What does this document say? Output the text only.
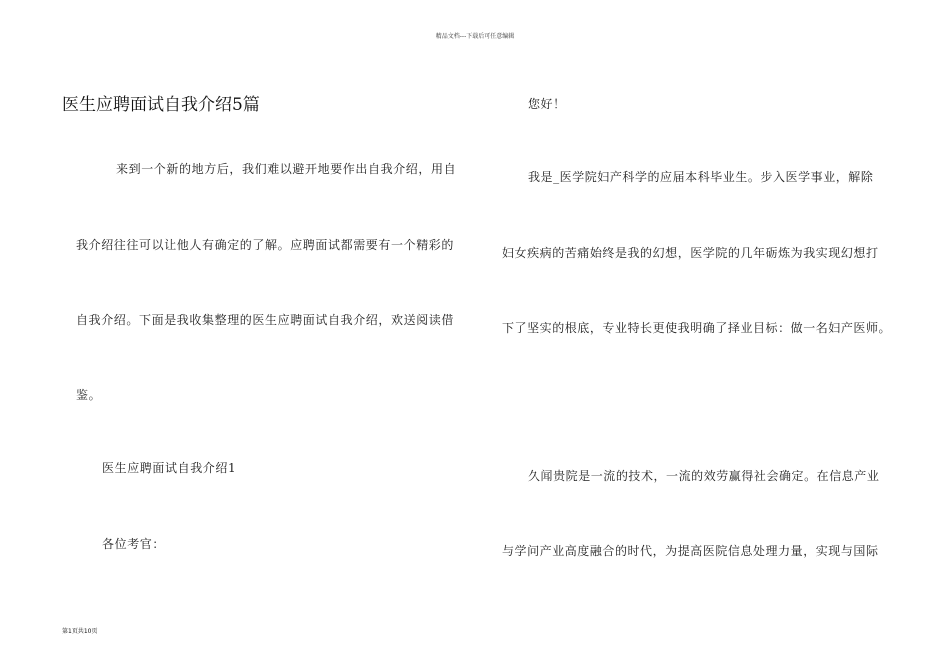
精品文档---下载后可任意编辑
医生应聘面试自我介绍5篇
来到一个新的地方后，我们难以避开地要作出自我介绍，用自
我介绍往往可以让他人有确定的了解。应聘面试都需要有一个精彩的
自我介绍。下面是我收集整理的医生应聘面试自我介绍，欢送阅读借
鉴。
医生应聘面试自我介绍1
各位考官：
您好！
我是_医学院妇产科学的应届本科毕业生。步入医学事业，解除
妇女疾病的苦痛始终是我的幻想，医学院的几年砺炼为我实现幻想打
下了坚实的根底，专业特长更使我明确了择业目标：做一名妇产医师。
久闻贵院是一流的技术，一流的效劳赢得社会确定。在信息产业
与学问产业高度融合的时代，为提高医院信息处理力量，实现与国际
第1页共10页
